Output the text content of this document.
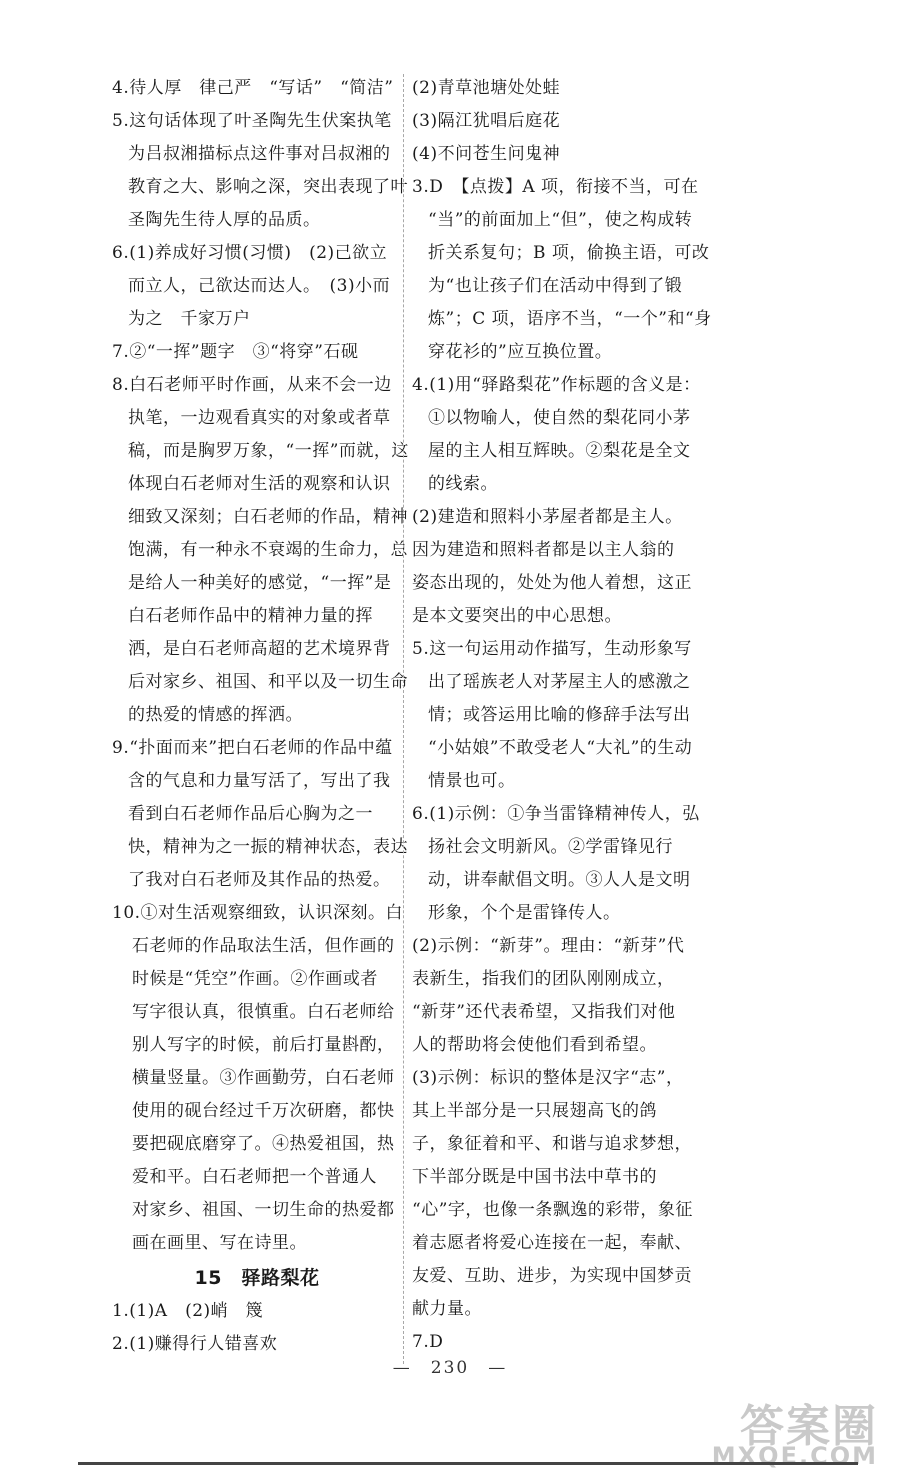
4.待人厚　律己严　“写话”　“简洁”
5.这句话体现了叶圣陶先生伏案执笔
为吕叔湘描标点这件事对吕叔湘的
教育之大、影响之深，突出表现了叶
圣陶先生待人厚的品质。
6.(1)养成好习惯(习惯)　(2)己欲立
而立人，己欲达而达人。　(3)小而
为之　千家万户
7.②“一挥”题字　③“将穿”石砚
8.白石老师平时作画，从来不会一边
执笔，一边观看真实的对象或者草
稿，而是胸罗万象，“一挥”而就，这
体现白石老师对生活的观察和认识
细致又深刻；白石老师的作品，精神
饱满，有一种永不衰竭的生命力，总
是给人一种美好的感觉，“一挥”是
白石老师作品中的精神力量的挥
洒，是白石老师高超的艺术境界背
后对家乡、祖国、和平以及一切生命
的热爱的情感的挥洒。
9.“扑面而来”把白石老师的作品中蕴
含的气息和力量写活了，写出了我
看到白石老师作品后心胸为之一
快，精神为之一振的精神状态，表达
了我对白石老师及其作品的热爱。
10.①对生活观察细致，认识深刻。白
石老师的作品取法生活，但作画的
时候是“凭空”作画。②作画或者
写字很认真，很慎重。白石老师给
别人写字的时候，前后打量斟酌，
横量竖量。③作画勤劳，白石老师
使用的砚台经过千万次研磨，都快
要把砚底磨穿了。④热爱祖国，热
爱和平。白石老师把一个普通人
对家乡、祖国、一切生命的热爱都
画在画里、写在诗里。
15　驿路梨花
1.(1)A　(2)峭　篾
2.(1)赚得行人错喜欢
(2)青草池塘处处蛙
(3)隔江犹唱后庭花
(4)不问苍生问鬼神
3.D　【点拨】A 项，衔接不当，可在
“当”的前面加上“但”，使之构成转
折关系复句；B 项，偷换主语，可改
为“也让孩子们在活动中得到了锻
炼”；C 项，语序不当，“一个”和“身
穿花衫的”应互换位置。
4.(1)用“驿路梨花”作标题的含义是：
①以物喻人，使自然的梨花同小茅
屋的主人相互辉映。②梨花是全文
的线索。
(2)建造和照料小茅屋者都是主人。
因为建造和照料者都是以主人翁的
姿态出现的，处处为他人着想，这正
是本文要突出的中心思想。
5.这一句运用动作描写，生动形象写
出了瑶族老人对茅屋主人的感激之
情；或答运用比喻的修辞手法写出
“小姑娘”不敢受老人“大礼”的生动
情景也可。
6.(1)示例：①争当雷锋精神传人，弘
扬社会文明新风。②学雷锋见行
动，讲奉献倡文明。③人人是文明
形象，个个是雷锋传人。
(2)示例：“新芽”。理由：“新芽”代
表新生，指我们的团队刚刚成立，
“新芽”还代表希望，又指我们对他
人的帮助将会使他们看到希望。
(3)示例：标识的整体是汉字“志”，
其上半部分是一只展翅高飞的鸽
子，象征着和平、和谐与追求梦想，
下半部分既是中国书法中草书的
“心”字，也像一条飘逸的彩带，象征
着志愿者将爱心连接在一起，奉献、
友爱、互助、进步，为实现中国梦贡
献力量。
7.D
—　230　—
答案圈
MXQE.COM
